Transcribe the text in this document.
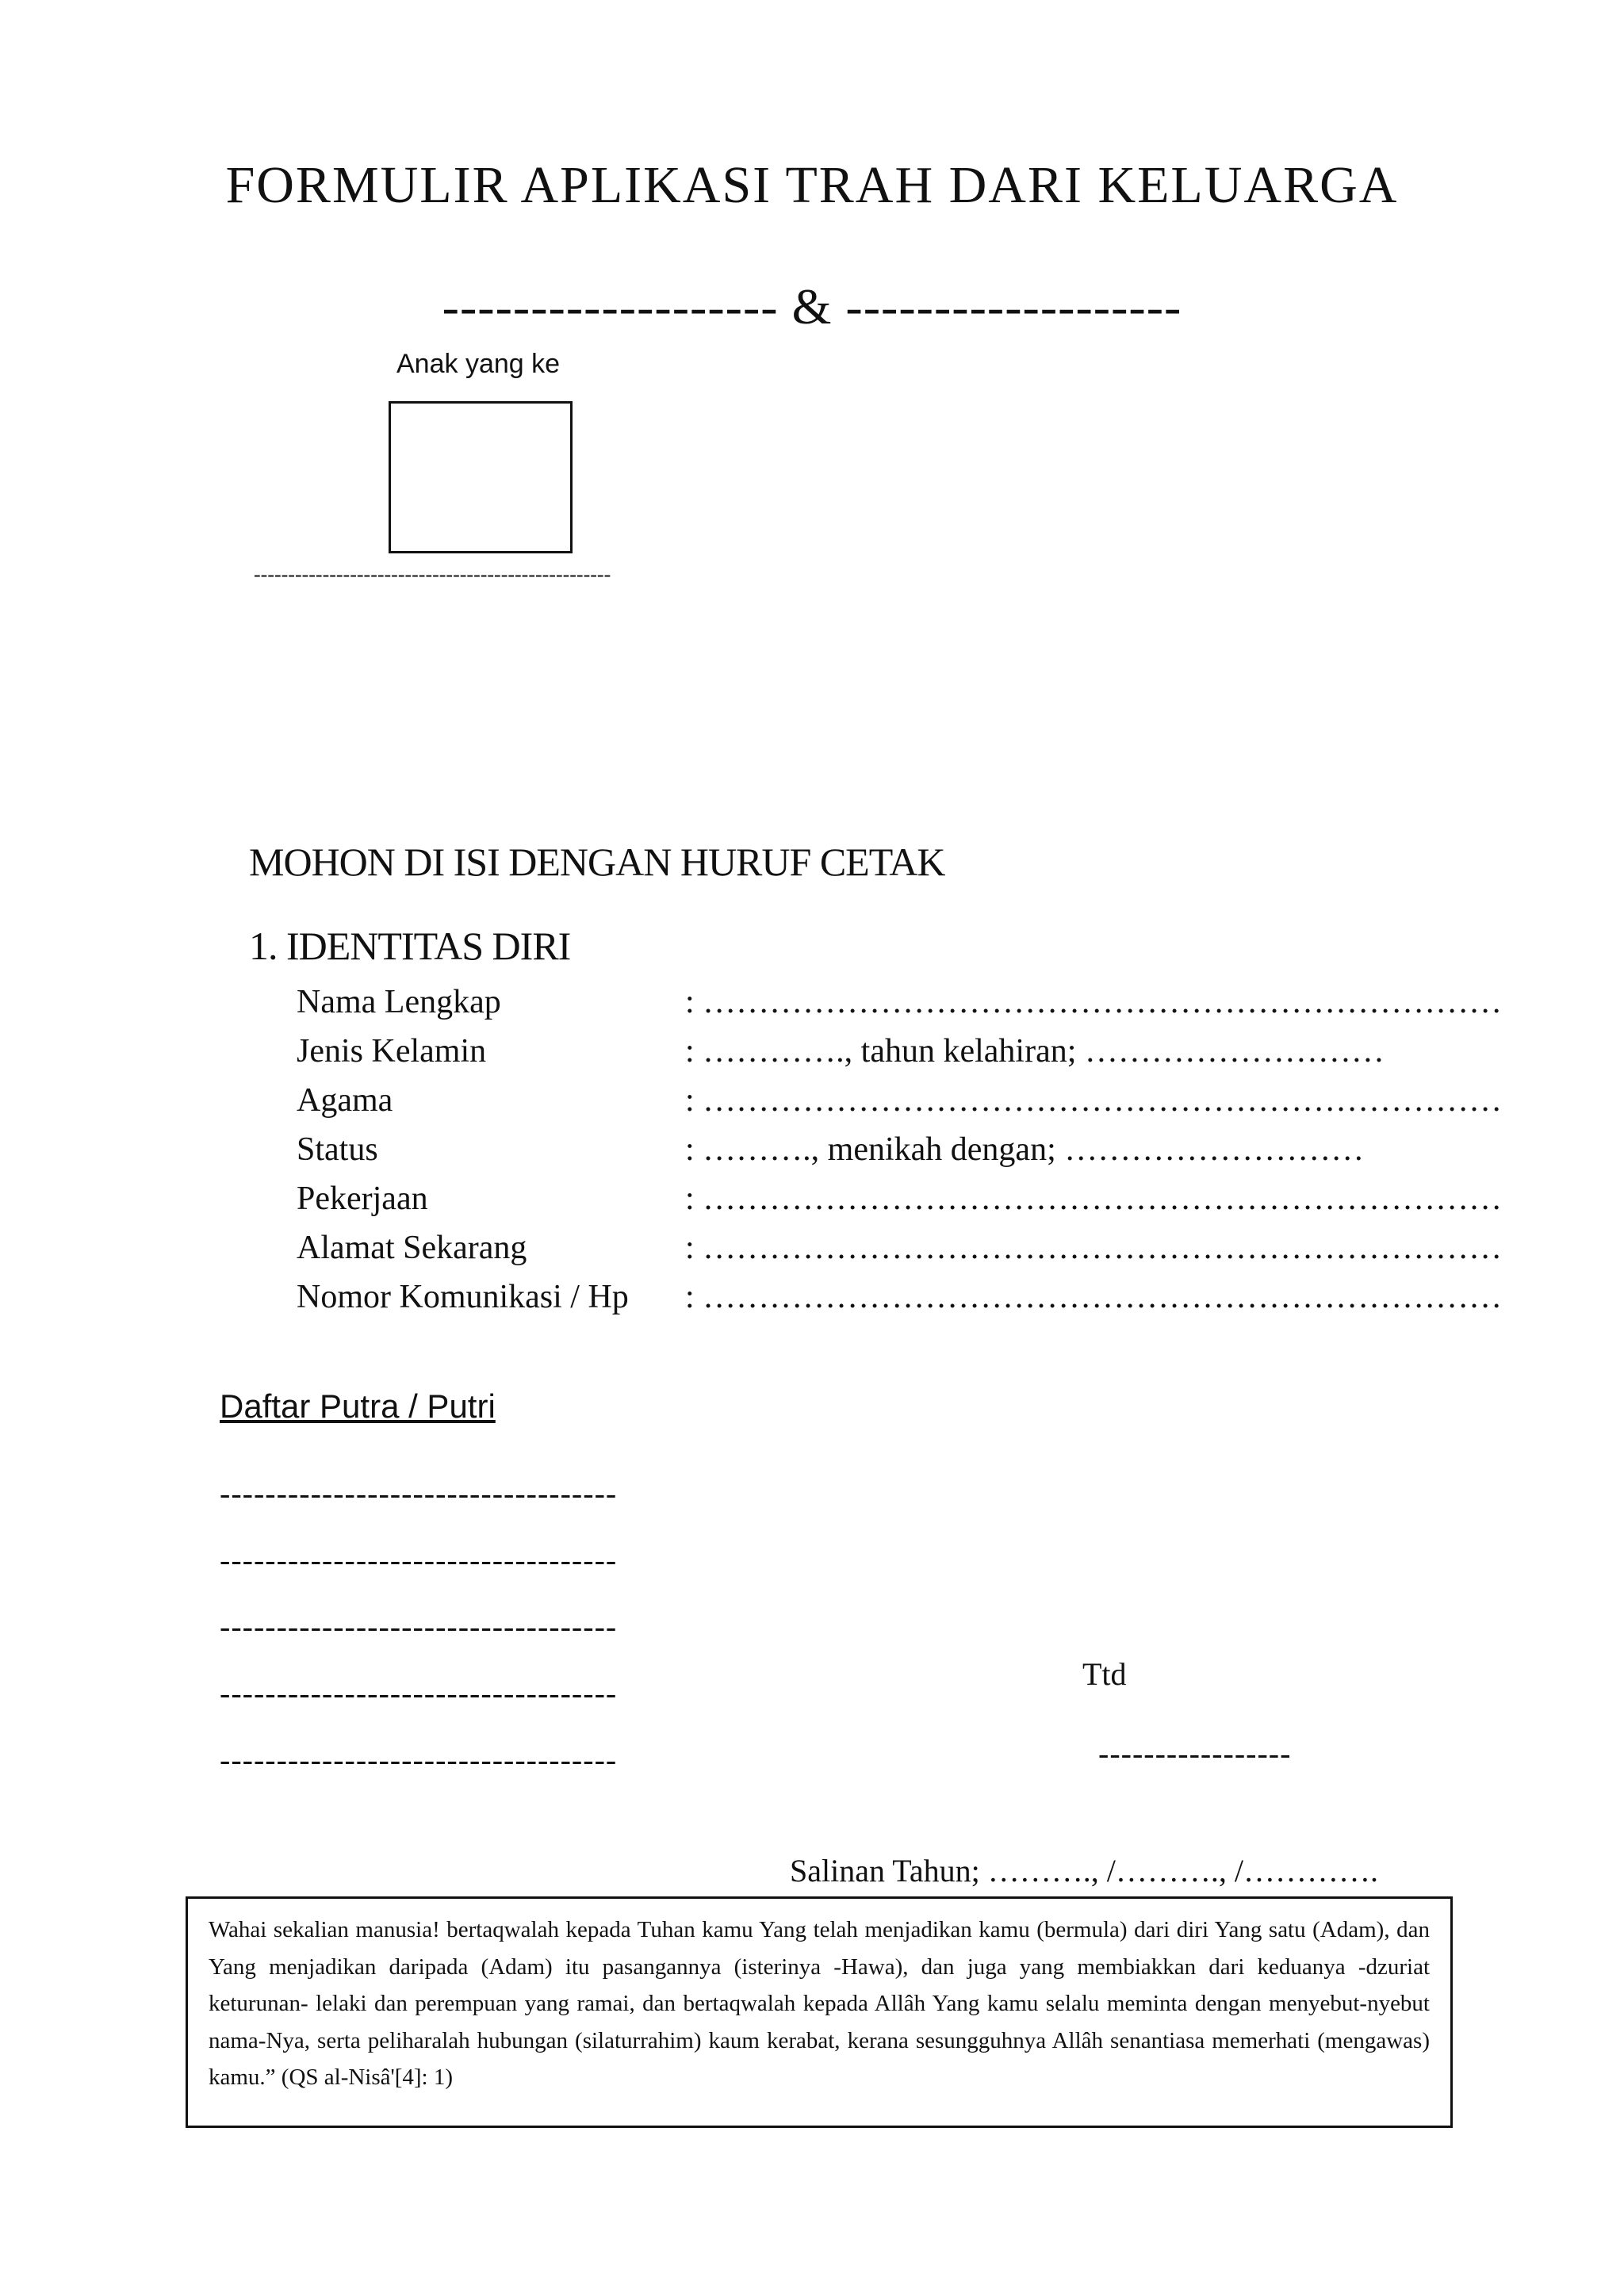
FORMULIR APLIKASI TRAH DARI KELUARGA
------------------- & -------------------
Anak yang ke
----------------------------------------------------
MOHON DI ISI DENGAN HURUF CETAK
1. IDENTITAS DIRI
Nama Lengkap	: ………………………………………………………………
Jenis Kelamin	: …………., tahun kelahiran; ………………………
Agama	: ………………………………………………………………
Status	: ………., menikah dengan; ………………………
Pekerjaan	: ………………………………………………………………
Alamat Sekarang	: ………………………………………………………………
Nomor Komunikasi / Hp	: ………………………………………………………………
Daftar Putra / Putri
-----------------------------------
-----------------------------------
-----------------------------------
-----------------------------------
-----------------------------------
Ttd
-----------------
Salinan Tahun; ………., /………., /………….
Wahai sekalian manusia! bertaqwalah kepada Tuhan kamu Yang telah menjadikan kamu (bermula) dari diri Yang satu (Adam), dan Yang menjadikan daripada (Adam) itu pasangannya (isterinya -Hawa), dan juga yang membiakkan dari keduanya -dzuriat keturunan- lelaki dan perempuan yang ramai, dan bertaqwalah kepada Allâh Yang kamu selalu meminta dengan menyebut-nyebut nama-Nya, serta peliharalah hubungan (silaturrahim) kaum kerabat, kerana sesungguhnya Allâh senantiasa memerhati (mengawas) kamu.” (QS al-Nisâ'[4]: 1)
